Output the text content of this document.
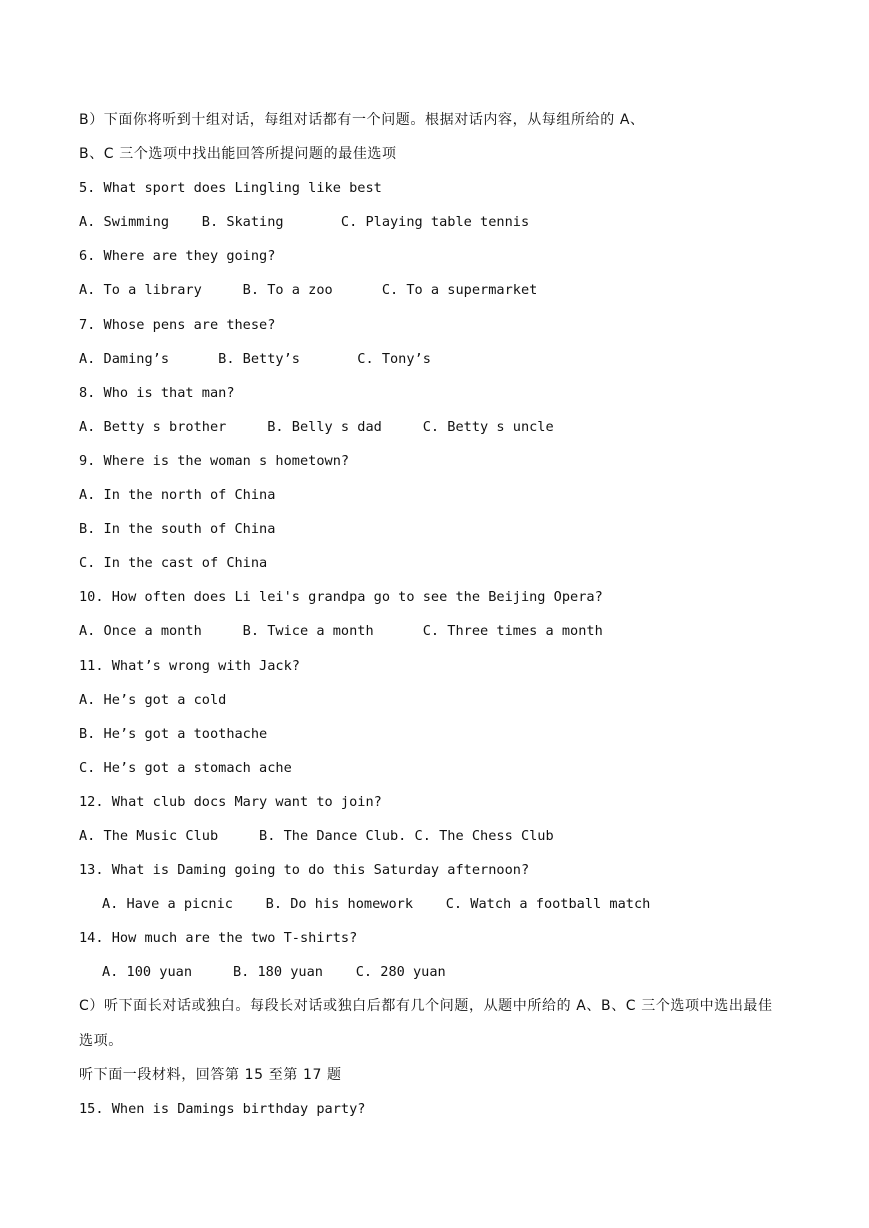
B）下面你将听到十组对话，每组对话都有一个问题。根据对话内容，从每组所给的 A、
B、C 三个选项中找出能回答所提问题的最佳选项
5. What sport does Lingling like best
A. Swimming    B. Skating       C. Playing table tennis
6. Where are they going?
A. To a library     B. To a zoo      C. To a supermarket
7. Whose pens are these?
A. Daming’s      B. Betty’s       C. Tony’s
8. Who is that man?
A. Betty s brother     B. Belly s dad     C. Betty s uncle
9. Where is the woman s hometown?
A. In the north of China
B. In the south of China
C. In the cast of China
10. How often does Li lei's grandpa go to see the Beijing Opera?
A. Once a month     B. Twice a month      C. Three times a month
11. What’s wrong with Jack?
A. He’s got a cold
B. He’s got a toothache
C. He’s got a stomach ache
12. What club docs Mary want to join?
A. The Music Club     B. The Dance Club. C. The Chess Club
13. What is Daming going to do this Saturday afternoon?
A. Have a picnic    B. Do his homework    C. Watch a football match
14. How much are the two T-shirts?
A. 100 yuan     B. 180 yuan    C. 280 yuan
C）听下面长对话或独白。每段长对话或独白后都有几个问题，从题中所给的 A、B、C 三个选项中选出最佳
选项。
听下面一段材料，回答第 15 至第 17 题
15. When is Damings birthday party?
